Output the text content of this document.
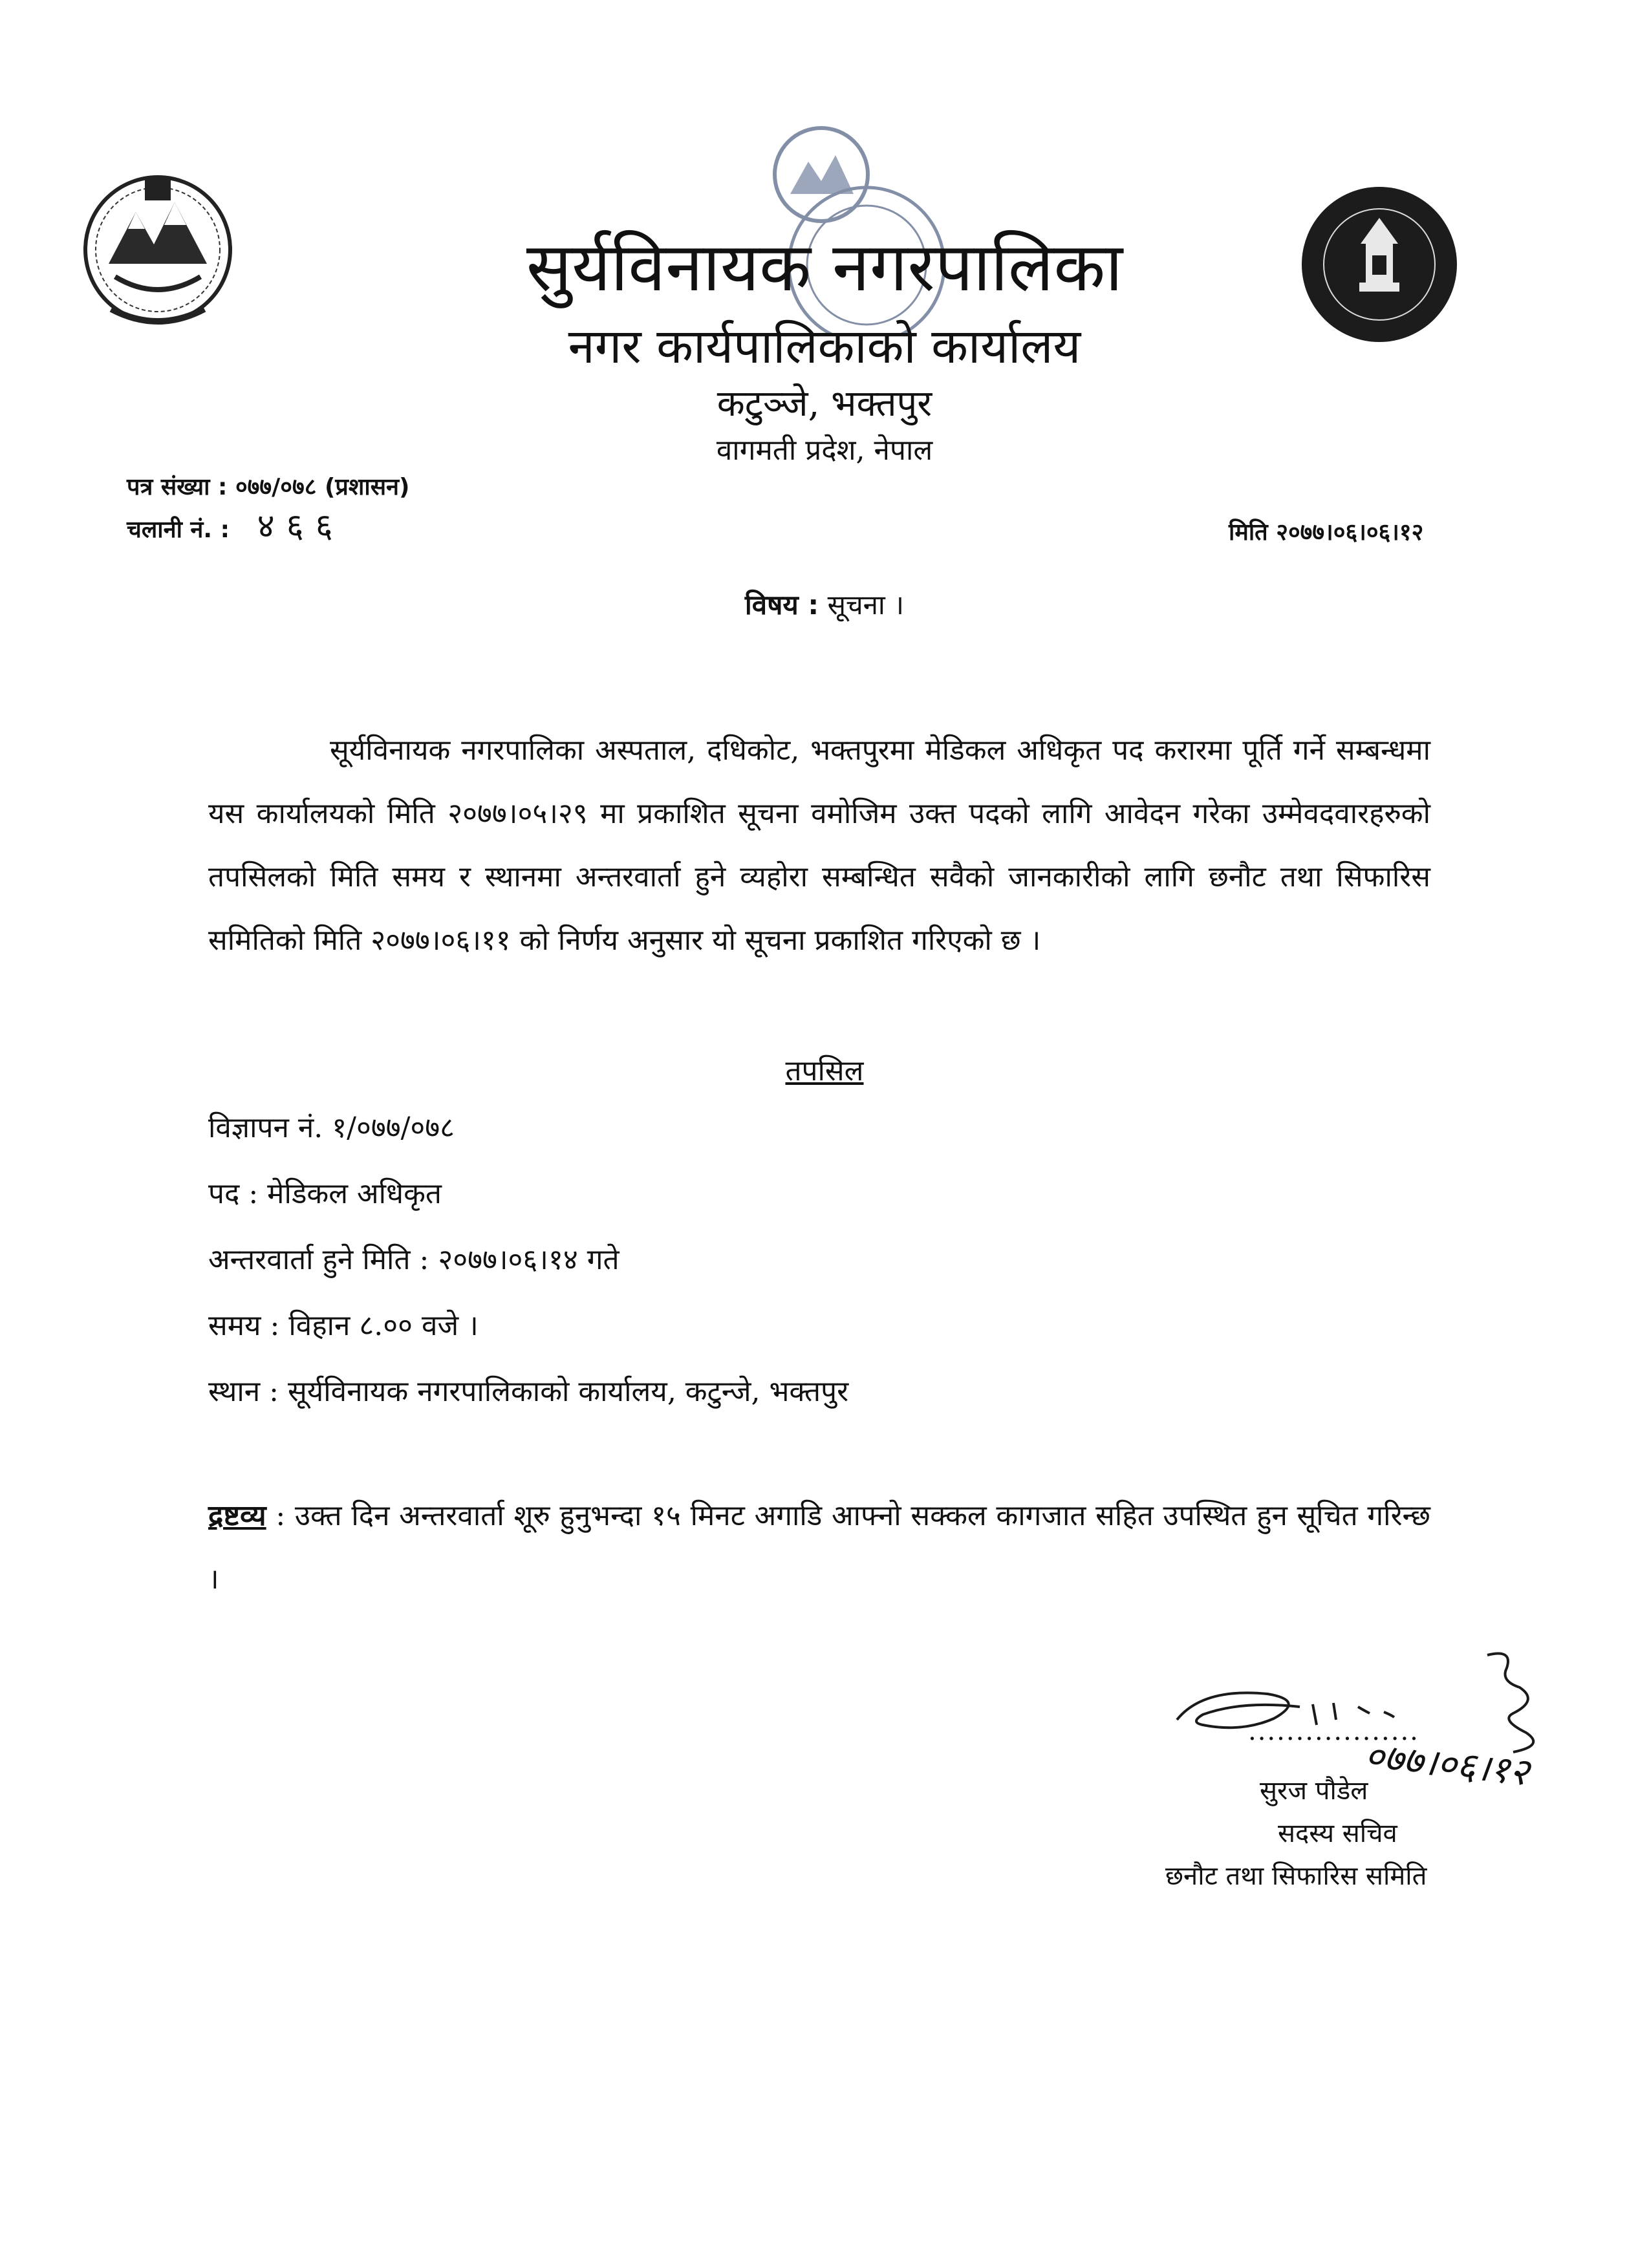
सुर्यविनायक नगरपालिका
नगर कार्यपालिकाको कार्यालय
कटुञ्जे, भक्तपुर
वागमती प्रदेश, नेपाल
पत्र संख्या : ०७७/०७८ (प्रशासन)
चलानी नं. : ४६६	मिति २०७७।०६।०६।१२
विषय : सूचना ।
सूर्यविनायक नगरपालिका अस्पताल, दधिकोट, भक्तपुरमा मेडिकल अधिकृत पद करारमा पूर्ति गर्ने सम्बन्धमा यस कार्यालयको मिति २०७७।०५।२९ मा प्रकाशित सूचना वमोजिम उक्त पदको लागि आवेदन गरेका उम्मेवदवारहरुको तपसिलको मिति समय र स्थानमा अन्तरवार्ता हुने व्यहोरा सम्बन्धित सवैको जानकारीको लागि छनौट तथा सिफारिस समितिको मिति २०७७।०६।११ को निर्णय अनुसार यो सूचना प्रकाशित गरिएको छ ।
तपसिल
विज्ञापन नं. १/०७७/०७८
पद : मेडिकल अधिकृत
अन्तरवार्ता हुने मिति : २०७७।०६।१४ गते
समय : विहान ८.०० वजे ।
स्थान : सूर्यविनायक नगरपालिकाको कार्यालय, कटुन्जे, भक्तपुर
द्रष्टव्य : उक्त दिन अन्तरवार्ता शूरु हुनुभन्दा १५ मिनट अगाडि आफ्नो सक्कल कागजात सहित उपस्थित हुन सूचित गरिन्छ ।
..................
०७७।०६।१२
सुरज पौडेल
सदस्य सचिव
छनौट तथा सिफारिस समिति
